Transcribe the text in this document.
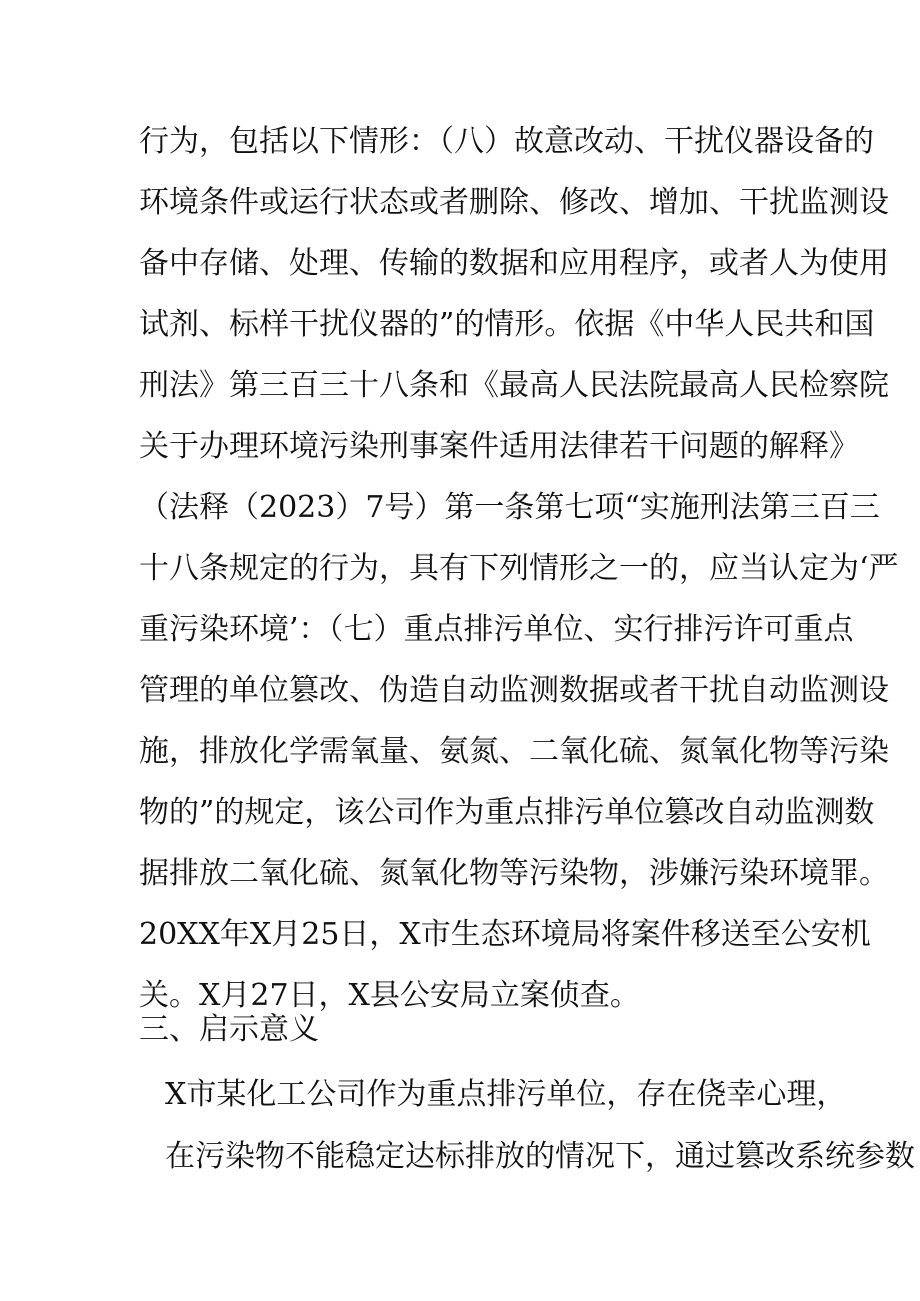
行为，包括以下情形：（八）故意改动、干扰仪器设备的
环境条件或运行状态或者删除、修改、增加、干扰监测设
备中存储、处理、传输的数据和应用程序，或者人为使用
试剂、标样干扰仪器的”的情形。依据《中华人民共和国
刑法》第三百三十八条和《最高人民法院最高人民检察院
关于办理环境污染刑事案件适用法律若干问题的解释》
（法释（2023）7号）第一条第七项“实施刑法第三百三
十八条规定的行为，具有下列情形之一的，应当认定为‘严
重污染环境’：（七）重点排污单位、实行排污许可重点
管理的单位篡改、伪造自动监测数据或者干扰自动监测设
施，排放化学需氧量、氨氮、二氧化硫、氮氧化物等污染
物的”的规定，该公司作为重点排污单位篡改自动监测数
据排放二氧化硫、氮氧化物等污染物，涉嫌污染环境罪。
20XX年X月25日，X市生态环境局将案件移送至公安机
关。X月27日，X县公安局立案侦查。
三、启示意义
X市某化工公司作为重点排污单位，存在侥幸心理，
在污染物不能稳定达标排放的情况下，通过篡改系统参数
